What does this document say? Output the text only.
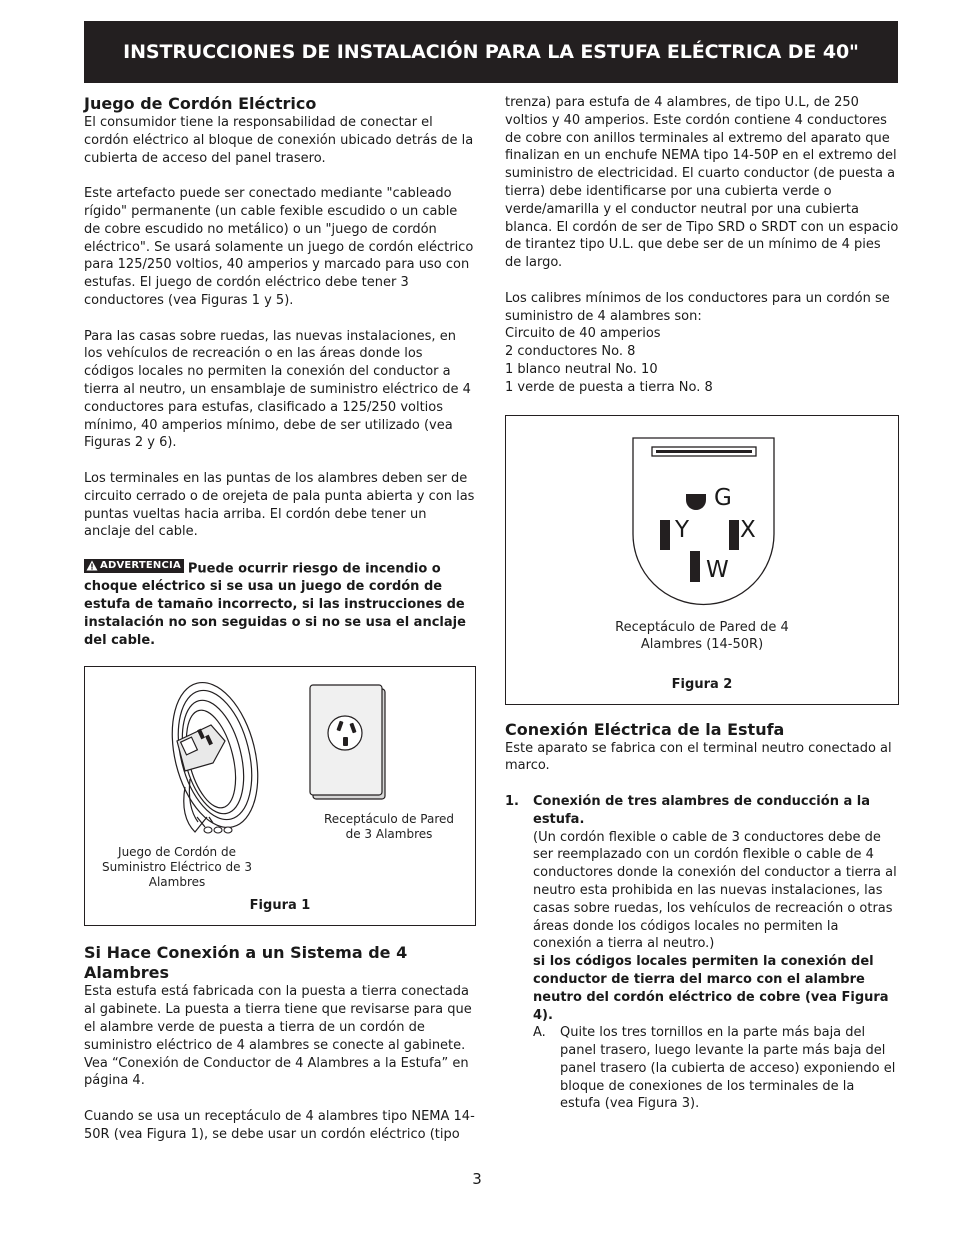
INSTRUCCIONES DE INSTALACIÓN PARA LA ESTUFA ELÉCTRICA DE 40"
Juego de Cordón Eléctrico

El consumidor tiene la responsabilidad de conectar el cordón eléctrico al bloque de conexión ubicado detrás de la cubierta de acceso del panel trasero.

Este artefacto puede ser conectado mediante "cableado rígido" permanente (un cable fexible escudido o un cable de cobre escudido no metálico) o un "juego de cordón eléctrico". Se usará solamente un juego de cordón eléctrico para 125/250 voltios, 40 amperios y marcado para uso con estufas. El juego de cordón eléctrico debe tener 3 conductores (vea Figuras 1 y 5).

Para las casas sobre ruedas, las nuevas instalaciones, en los vehículos de recreación o en las áreas donde los códigos locales no permiten la conexión del conductor a tierra al neutro, un ensamblaje de suministro eléctrico de 4 conductores para estufas, clasificado a 125/250 voltios mínimo, 40 amperios mínimo, debe de ser utilizado (vea Figuras 2 y 6).

Los terminales en las puntas de los alambres deben ser de circuito cerrado o de orejeta de pala punta abierta y con las puntas vueltas hacia arriba. El cordón debe tener un anclaje del cable.

ADVERTENCIA Puede ocurrir riesgo de incendio o choque eléctrico si se usa un juego de cordón de estufa de tamaño incorrecto, si las instrucciones de instalación no son seguidas o si no se usa el anclaje del cable.

Juego de Cordón de Suministro Eléctrico de 3 Alambres
Receptáculo de Pared de 3 Alambres
Figura 1
Si Hace Conexión a un Sistema de 4 Alambres

Esta estufa está fabricada con la puesta a tierra conectada al gabinete. La puesta a tierra tiene que revisarse para que el alambre verde de puesta a tierra de un cordón de suministro eléctrico de 4 alambres se conecte al gabinete. Vea “Conexión de Conductor de 4 Alambres a la Estufa” en página 4.

Cuando se usa un receptáculo de 4 alambres tipo NEMA 14-50R (vea Figura 1), se debe usar un cordón eléctrico (tipo

trenza) para estufa de 4 alambres, de tipo U.L, de 250 voltios y 40 amperios. Este cordón contiene 4 conductores de cobre con anillos terminales al extremo del aparato que finalizan en un enchufe NEMA tipo 14-50P en el extremo del suministro de electricidad. El cuarto conductor (de puesta a tierra) debe identificarse por una cubierta verde o verde/amarilla y el conductor neutral por una cubierta blanca. El cordón de ser de Tipo SRD o SRDT con un espacio de tirantez tipo U.L. que debe ser de un mínimo de 4 pies de largo.

Los calibres mínimos de los conductores para un cordón se suministro de 4 alambres son:

Circuito de 40 amperios

2 conductores No. 8

1 blanco neutral No. 10

1 verde de puesta a tierra No. 8

G
Y X
W
Receptáculo de Pared de 4 Alambres (14-50R)
Figura 2
Conexión Eléctrica de la Estufa

Este aparato se fabrica con el terminal neutro conectado al marco.

1.	Conexión de tres alambres de conducción a la estufa.

(Un cordón flexible o cable de 3 conductores debe de ser reemplazado con un cordón flexible o cable de 4 conductores donde la conexión del conductor a tierra al neutro esta prohibida en las nuevas instalaciones, las casas sobre ruedas, los vehículos de recreación o otras áreas donde los códigos locales no permiten la conexión a tierra al neutro.)

si los códigos locales permiten la conexión del conductor de tierra del marco con el alambre neutro del cordón eléctrico de cobre (vea Figura 4).

A.	Quite los tres tornillos en la parte más baja del panel trasero, luego levante la parte más baja del panel trasero (la cubierta de acceso) exponiendo el bloque de conexiones de los terminales de la estufa (vea Figura 3).

3
